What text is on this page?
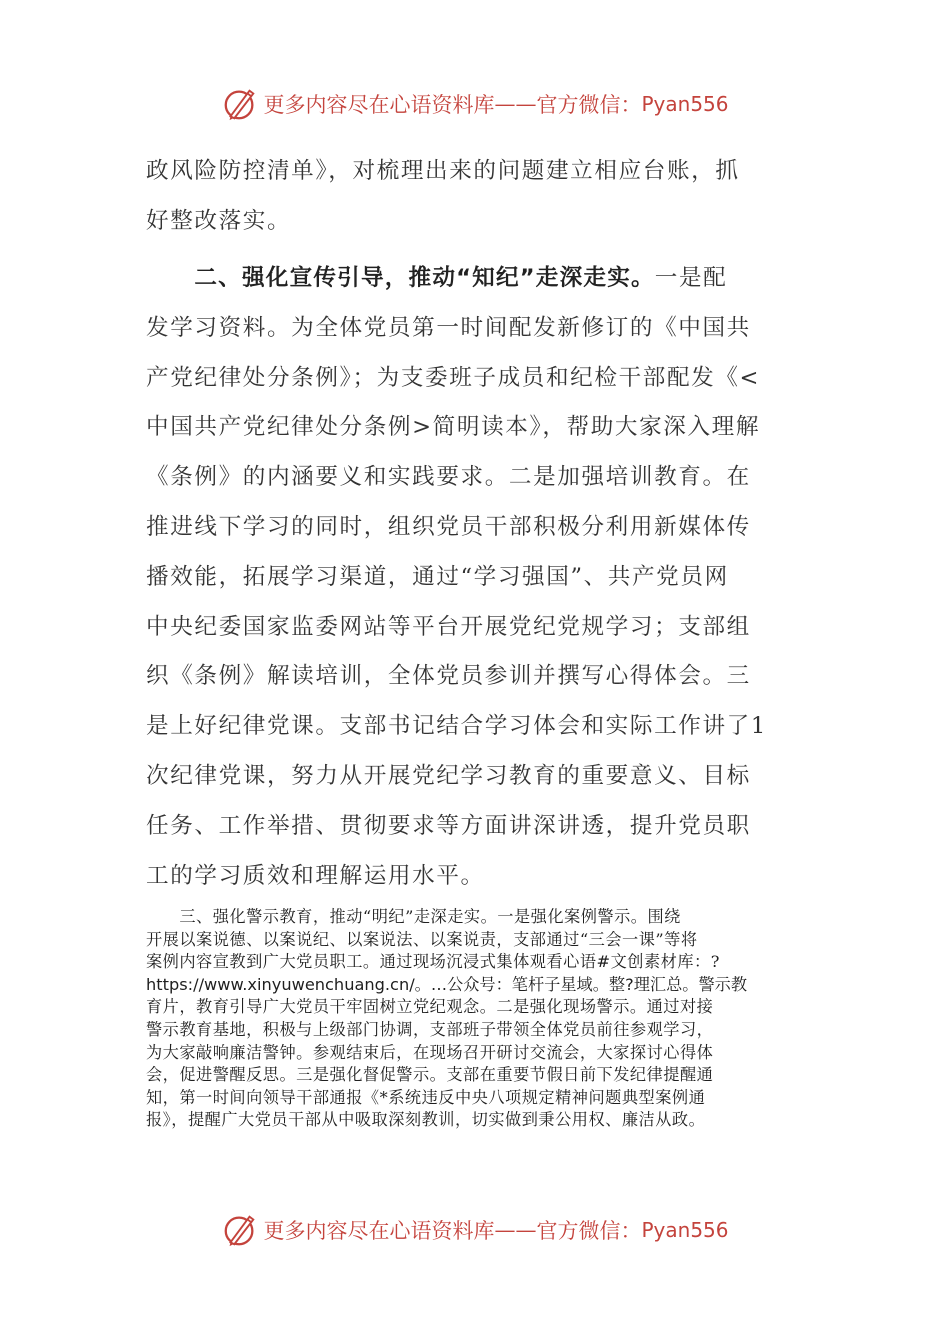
更多内容尽在心语资料库 —— 官方微信： Pyan556
政风险防控清单》，对梳理出来的问题建立相应台账，抓
好整改落实。
　　二、强化宣传引导，推动“知纪”走深走实。一是配
发学习资料。为全体党员第一时间配发新修订的《中国共
产党纪律处分条例》；为支委班子成员和纪检干部配发《<
中国共产党纪律处分条例>简明读本》，帮助大家深入理解
《条例》的内涵要义和实践要求。二是加强培训教育。在
推进线下学习的同时，组织党员干部积极分利用新媒体传
播效能，拓展学习渠道，通过“学习强国”、共产党员网
中央纪委国家监委网站等平台开展党纪党规学习；支部组
织《条例》解读培训，全体党员参训并撰写心得体会。三
是上好纪律党课。支部书记结合学习体会和实际工作讲了1
次纪律党课，努力从开展党纪学习教育的重要意义、目标
任务、工作举措、贯彻要求等方面讲深讲透，提升党员职
工的学习质效和理解运用水平。
　　三、强化警示教育，推动“明纪”走深走实。一是强化案例警示。围绕
开展以案说德、以案说纪、以案说法、以案说责，支部通过“三会一课”等将
案例内容宣教到广大党员职工。通过现场沉浸式集体观看心语#文创素材库：?
https://www.xinyuwenchuang.cn/。…公众号：笔杆子星域。整?理汇总。警示教
育片，教育引导广大党员干牢固树立党纪观念。二是强化现场警示。通过对接
警示教育基地，积极与上级部门协调，支部班子带领全体党员前往参观学习，
为大家敲响廉洁警钟。参观结束后，在现场召开研讨交流会，大家探讨心得体
会，促进警醒反思。三是强化督促警示。支部在重要节假日前下发纪律提醒通
知，第一时间向领导干部通报《*系统违反中央八项规定精神问题典型案例通
报》，提醒广大党员干部从中吸取深刻教训，切实做到秉公用权、廉洁从政。
更多内容尽在心语资料库 —— 官方微信： Pyan556
